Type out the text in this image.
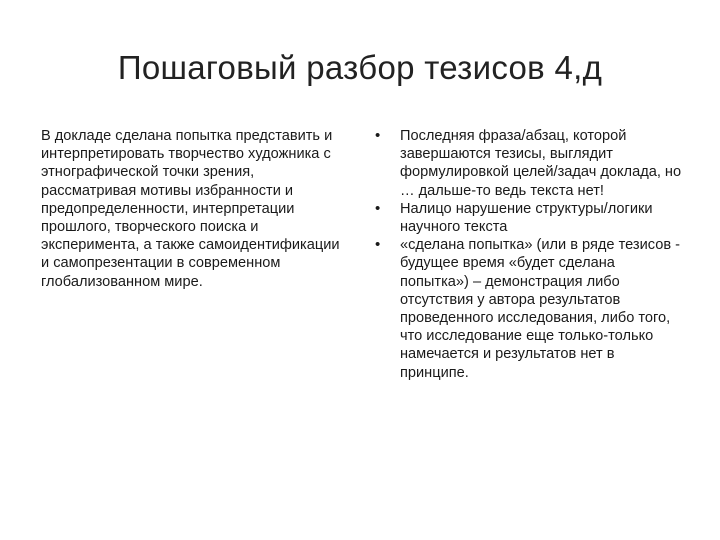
Пошаговый разбор тезисов 4,д

В докладе сделана попытка представить и интерпретировать творчество художника с этнографической точки зрения, рассматривая мотивы избранности и предопределенности, интерпретации прошлого, творческого поиска и эксперимента, а также самоидентификации и самопрезентации в современном глобализованном мире.

• Последняя фраза/абзац, которой завершаются тезисы, выглядит формулировкой целей/задач доклада, но … дальше-то ведь текста нет!
• Налицо нарушение структуры/логики научного текста
• «сделана попытка» (или в ряде тезисов - будущее время «будет сделана попытка») – демонстрация либо отсутствия у автора результатов проведенного исследования, либо того, что исследование еще только-только намечается и результатов нет в принципе.
